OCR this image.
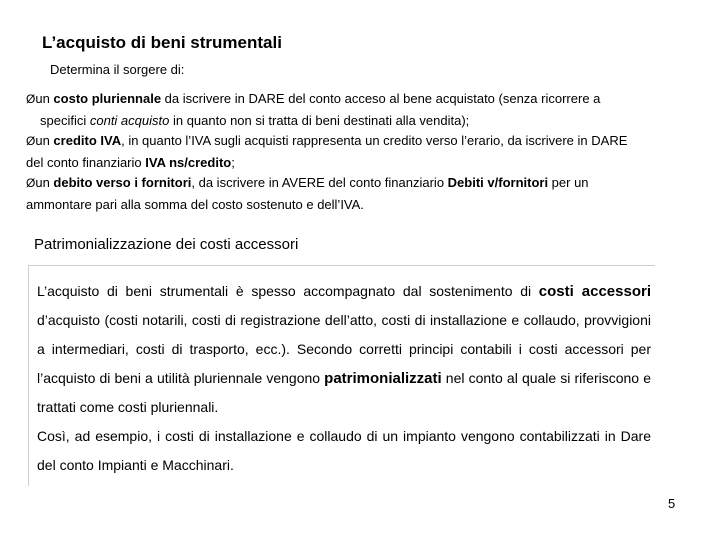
L’acquisto di beni strumentali
Determina il sorgere di:
Øun costo pluriennale da iscrivere in DARE del conto acceso al bene acquistato (senza ricorrere a
specifici conti acquisto in quanto non si tratta di beni destinati alla vendita);
Øun credito IVA, in quanto l’IVA sugli acquisti rappresenta un credito verso l’erario, da iscrivere in DARE
del conto finanziario IVA ns/credito;
Øun debito verso i fornitori, da iscrivere in AVERE del conto finanziario Debiti v/fornitori per un
ammontare pari alla somma del costo sostenuto e dell’IVA.
Patrimonializzazione dei costi accessori
L’acquisto di beni strumentali è spesso accompagnato dal sostenimento di costi accessori d’acquisto (costi notarili, costi di registrazione dell’atto, costi di installazione e collaudo, provvigioni a intermediari, costi di trasporto, ecc.). Secondo corretti principi contabili i costi accessori per l’acquisto di beni a utilità pluriennale vengono patrimonializzati nel conto al quale si riferiscono e trattati come costi pluriennali.
Così, ad esempio, i costi di installazione e collaudo di un impianto vengono contabilizzati in Dare del conto Impianti e Macchinari.
5
